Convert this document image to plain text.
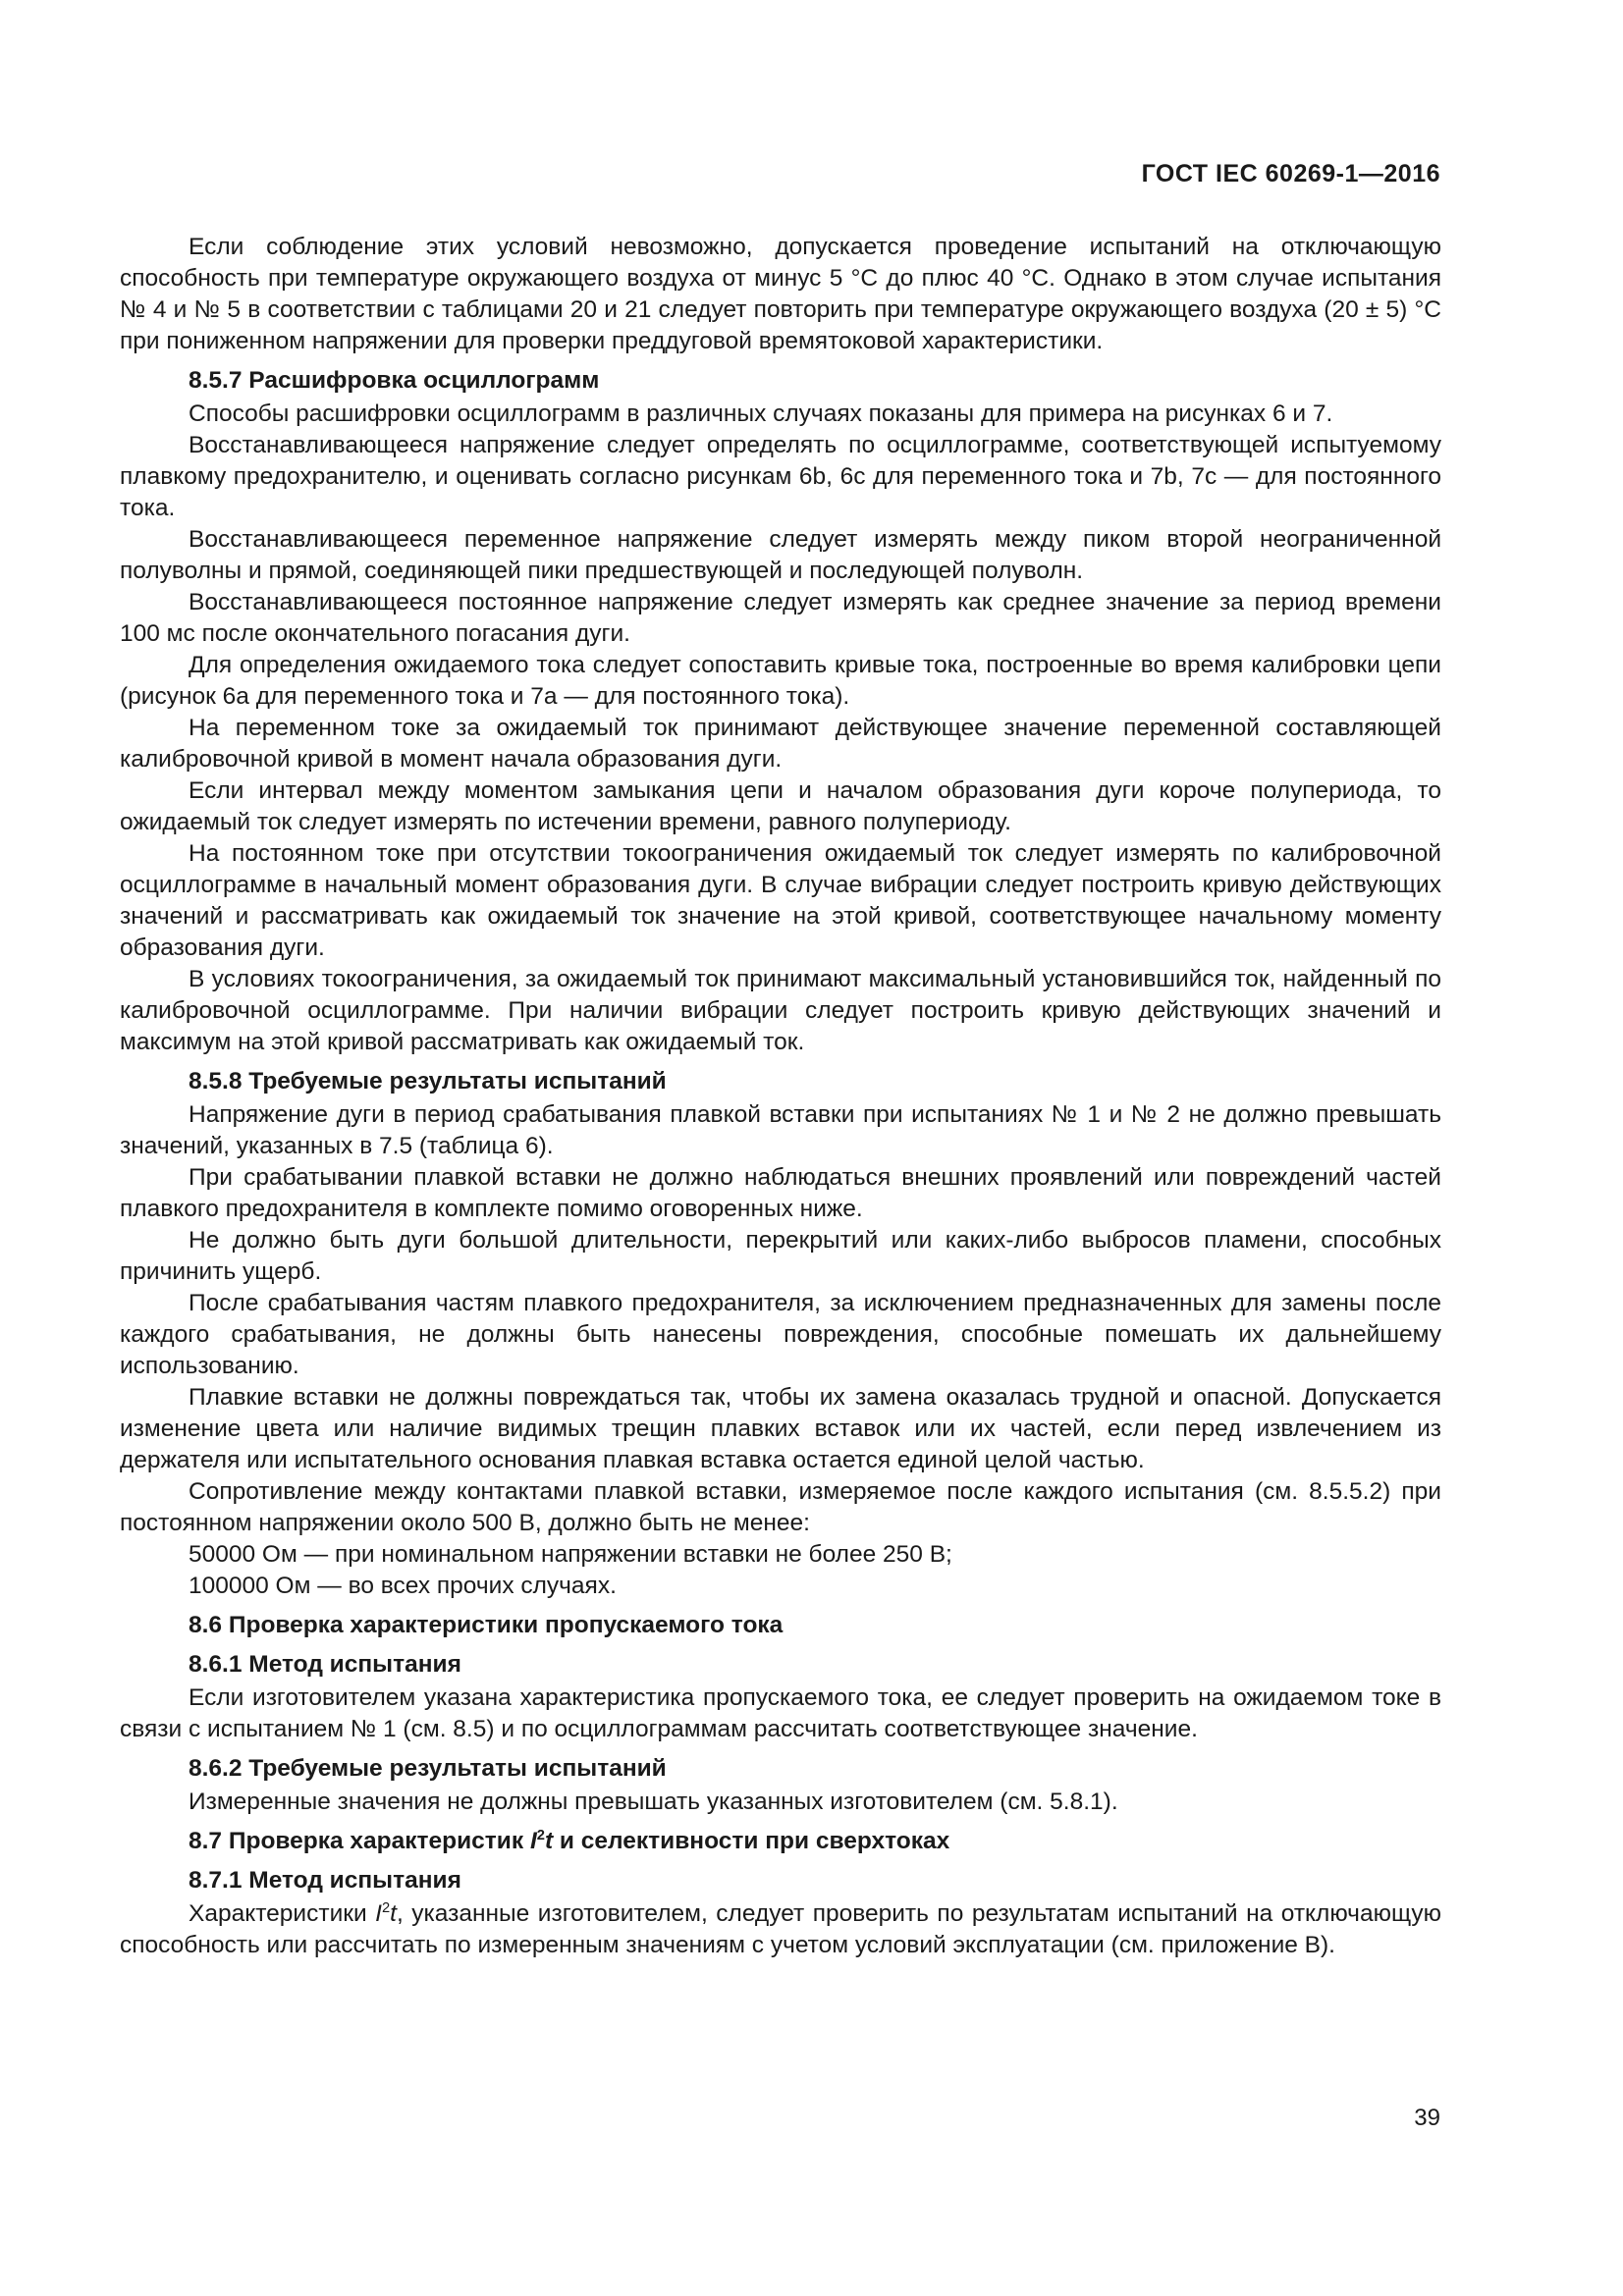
ГОСТ IEC 60269-1—2016

Если соблюдение этих условий невозможно, допускается проведение испытаний на отключающую способность при температуре окружающего воздуха от минус 5 °С до плюс 40 °С. Однако в этом случае испытания № 4 и № 5 в соответствии с таблицами 20 и 21 следует повторить при температуре окружающего воздуха (20 ± 5) °С при пониженном напряжении для проверки преддуговой времятоковой характеристики.

8.5.7 Расшифровка осциллограмм

Способы расшифровки осциллограмм в различных случаях показаны для примера на рисунках 6 и 7.

Восстанавливающееся напряжение следует определять по осциллограмме, соответствующей испытуемому плавкому предохранителю, и оценивать согласно рисункам 6b, 6с для переменного тока и 7b, 7с — для постоянного тока.

Восстанавливающееся переменное напряжение следует измерять между пиком второй неограниченной полуволны и прямой, соединяющей пики предшествующей и последующей полуволн.

Восстанавливающееся постоянное напряжение следует измерять как среднее значение за период времени 100 мс после окончательного погасания дуги.

Для определения ожидаемого тока следует сопоставить кривые тока, построенные во время калибровки цепи (рисунок 6а для переменного тока и 7а — для постоянного тока).

На переменном токе за ожидаемый ток принимают действующее значение переменной составляющей калибровочной кривой в момент начала образования дуги.

Если интервал между моментом замыкания цепи и началом образования дуги короче полупериода, то ожидаемый ток следует измерять по истечении времени, равного полупериоду.

На постоянном токе при отсутствии токоограничения ожидаемый ток следует измерять по калибровочной осциллограмме в начальный момент образования дуги. В случае вибрации следует построить кривую действующих значений и рассматривать как ожидаемый ток значение на этой кривой, соответствующее начальному моменту образования дуги.

В условиях токоограничения, за ожидаемый ток принимают максимальный установившийся ток, найденный по калибровочной осциллограмме. При наличии вибрации следует построить кривую действующих значений и максимум на этой кривой рассматривать как ожидаемый ток.

8.5.8 Требуемые результаты испытаний

Напряжение дуги в период срабатывания плавкой вставки при испытаниях № 1 и № 2 не должно превышать значений, указанных в 7.5 (таблица 6).

При срабатывании плавкой вставки не должно наблюдаться внешних проявлений или повреждений частей плавкого предохранителя в комплекте помимо оговоренных ниже.

Не должно быть дуги большой длительности, перекрытий или каких-либо выбросов пламени, способных причинить ущерб.

После срабатывания частям плавкого предохранителя, за исключением предназначенных для замены после каждого срабатывания, не должны быть нанесены повреждения, способные помешать их дальнейшему использованию.

Плавкие вставки не должны повреждаться так, чтобы их замена оказалась трудной и опасной. Допускается изменение цвета или наличие видимых трещин плавких вставок или их частей, если перед извлечением из держателя или испытательного основания плавкая вставка остается единой целой частью.

Сопротивление между контактами плавкой вставки, измеряемое после каждого испытания (см. 8.5.5.2) при постоянном напряжении около 500 В, должно быть не менее:

50000 Ом — при номинальном напряжении вставки не более 250 В;

100000 Ом — во всех прочих случаях.

8.6 Проверка характеристики пропускаемого тока

8.6.1 Метод испытания

Если изготовителем указана характеристика пропускаемого тока, ее следует проверить на ожидаемом токе в связи с испытанием № 1 (см. 8.5) и по осциллограммам рассчитать соответствующее значение.

8.6.2 Требуемые результаты испытаний

Измеренные значения не должны превышать указанных изготовителем (см. 5.8.1).

8.7 Проверка характеристик $I^2t$ и селективности при сверхтоках

8.7.1 Метод испытания

Характеристики $I^2t$, указанные изготовителем, следует проверить по результатам испытаний на отключающую способность или рассчитать по измеренным значениям с учетом условий эксплуатации (см. приложение В).

39
